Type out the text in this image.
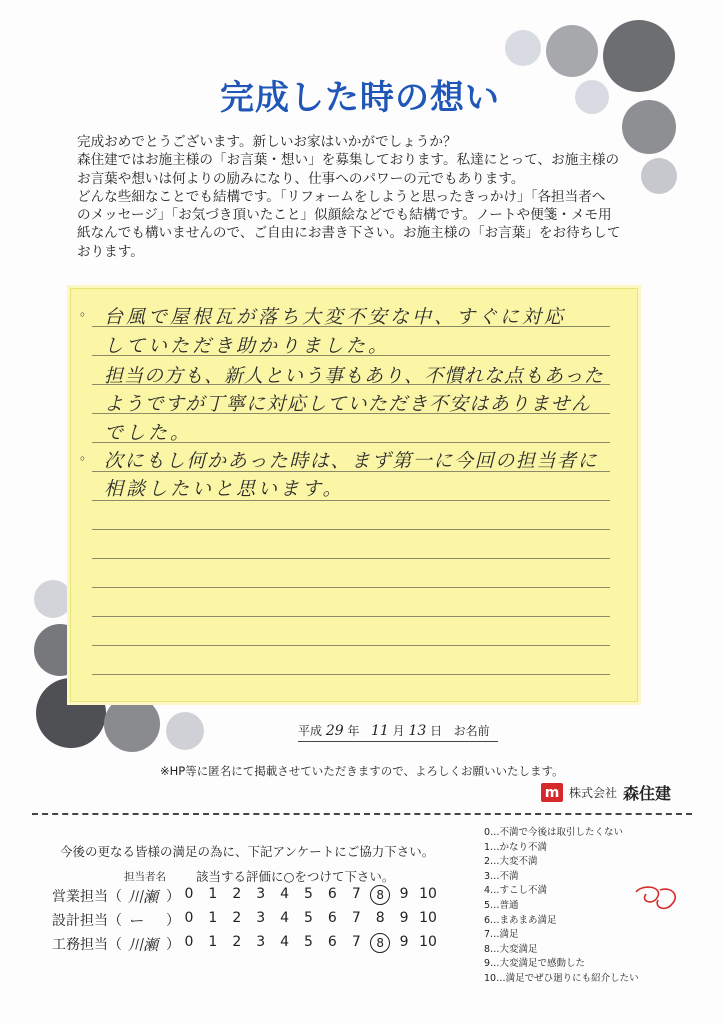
完成した時の想い
完成おめでとうございます。新しいお家はいかがでしょうか？
森住建ではお施主様の「お言葉・想い」を募集しております。私達にとって、お施主様の
お言葉や想いは何よりの励みになり、仕事へのパワーの元でもあります。
どんな些細なことでも結構です。「リフォームをしようと思ったきっかけ」「各担当者へ
のメッセージ」「お気づき頂いたこと」似顔絵などでも結構です。ノートや便箋・メモ用
紙なんでも構いませんので、ご自由にお書き下さい。お施主様の「お言葉」をお待ちして
おります。
。 台風で屋根瓦が落ち大変不安な中、すぐに対応
していただき助かりました。
担当の方も、新人という事もあり、不慣れな点もあった
ようですが丁寧に対応していただき不安はありません
でした。
。 次にもし何かあった時は、まず第一に今回の担当者に
相談したいと思います。
平成 29 年 11 月 13 日 お名前
※HP等に匿名にて掲載させていただきますので、よろしくお願いいたします。
m 株式会社 森住建
今後の更なる皆様の満足の為に、下記アンケートにご協力下さい。
担当者名 該当する評価に○をつけて下さい。
営業担当 （ 川瀬 ） 0	1	2	3	4	5	6	7	8	9 10
設計担当 （ ー ） 0	1	2	3	4	5	6	7	8	9 10
工務担当 （ 川瀬 ） 0	1	2	3	4	5	6	7	8	9 10
0…不満で今後は取引したくない
1…かなり不満
2…大変不満
3…不満
4…すこし不満
5…普通
6…まあまあ満足
7…満足
8…大変満足
9…大変満足で感動した
10…満足でぜひ廻りにも紹介したい
